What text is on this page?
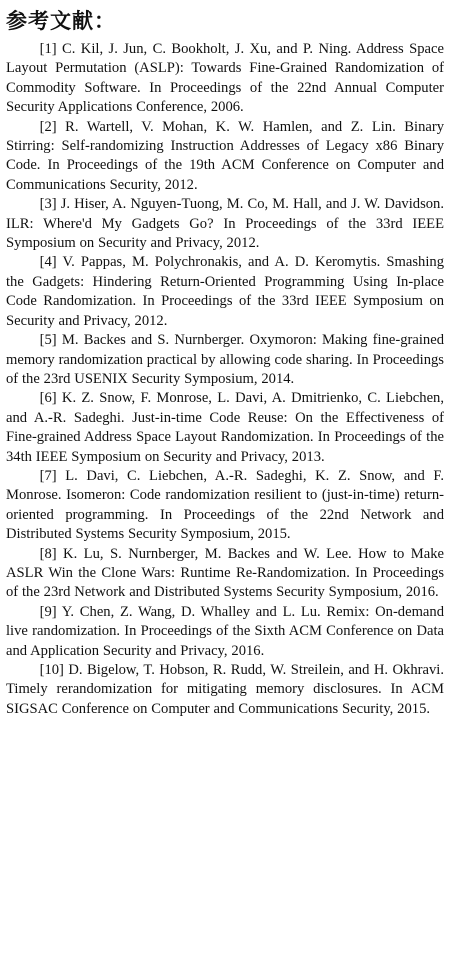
参考文献：

[1] C. Kil, J. Jun, C. Bookholt, J. Xu, and P. Ning. Address Space Layout Permutation (ASLP): Towards Fine-Grained Randomization of Commodity Software. In Proceedings of the 22nd Annual Computer Security Applications Conference, 2006.

[2] R. Wartell, V. Mohan, K. W. Hamlen, and Z. Lin. Binary Stirring: Self-randomizing Instruction Addresses of Legacy x86 Binary Code. In Proceedings of the 19th ACM Conference on Computer and Communications Security, 2012.

[3] J. Hiser, A. Nguyen-Tuong, M. Co, M. Hall, and J. W. Davidson. ILR: Where'd My Gadgets Go? In Proceedings of the 33rd IEEE Symposium on Security and Privacy, 2012.

[4] V. Pappas, M. Polychronakis, and A. D. Keromytis. Smashing the Gadgets: Hindering Return-Oriented Programming Using In-place Code Randomization. In Proceedings of the 33rd IEEE Symposium on Security and Privacy, 2012.

[5] M. Backes and S. Nurnberger. Oxymoron: Making fine-grained memory randomization practical by allowing code sharing. In Proceedings of the 23rd USENIX Security Symposium, 2014.

[6] K. Z. Snow, F. Monrose, L. Davi, A. Dmitrienko, C. Liebchen, and A.-R. Sadeghi. Just-in-time Code Reuse: On the Effectiveness of Fine-grained Address Space Layout Randomization. In Proceedings of the 34th IEEE Symposium on Security and Privacy, 2013.

[7] L. Davi, C. Liebchen, A.-R. Sadeghi, K. Z. Snow, and F. Monrose. Isomeron: Code randomization resilient to (just-in-time) return-oriented programming. In Proceedings of the 22nd Network and Distributed Systems Security Symposium, 2015.

[8] K. Lu, S. Nurnberger, M. Backes and W. Lee. How to Make ASLR Win the Clone Wars: Runtime Re-Randomization. In Proceedings of the 23rd Network and Distributed Systems Security Symposium, 2016.

[9] Y. Chen, Z. Wang, D. Whalley and L. Lu. Remix: On-demand live randomization. In Proceedings of the Sixth ACM Conference on Data and Application Security and Privacy, 2016.

[10] D. Bigelow, T. Hobson, R. Rudd, W. Streilein, and H. Okhravi. Timely rerandomization for mitigating memory disclosures. In ACM SIGSAC Conference on Computer and Communications Security, 2015.
